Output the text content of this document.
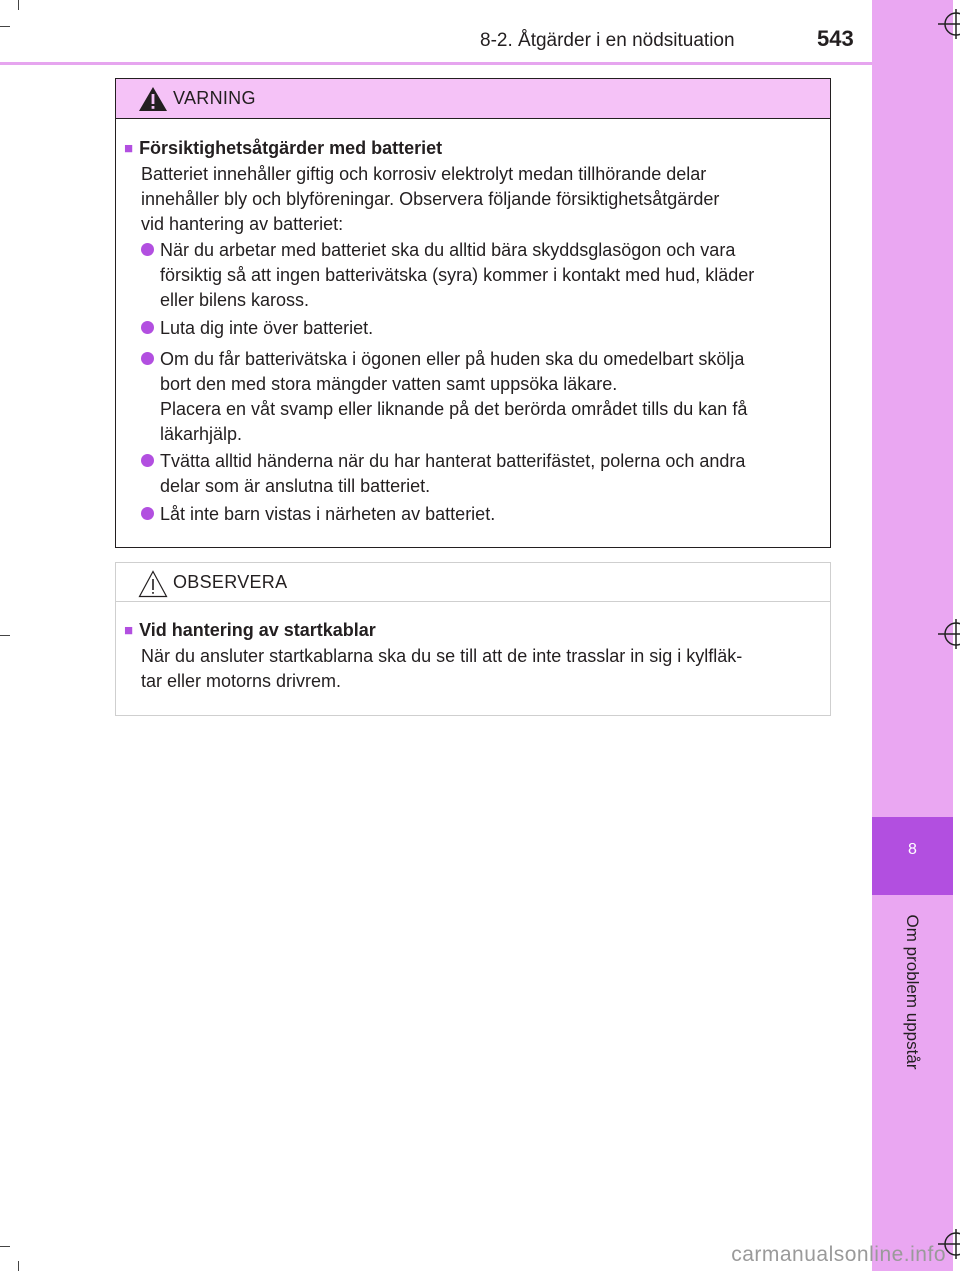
8-2. Åtgärder i en nödsituation	543
8
Om problem uppstår
VARNING
■ Försiktighetsåtgärder med batteriet
Batteriet innehåller giftig och korrosiv elektrolyt medan tillhörande delar
innehåller bly och blyföreningar. Observera följande försiktighetsåtgärder
vid hantering av batteriet:
När du arbetar med batteriet ska du alltid bära skyddsglasögon och vara
försiktig så att ingen batterivätska (syra) kommer i kontakt med hud, kläder
eller bilens kaross.
Luta dig inte över batteriet.
Om du får batterivätska i ögonen eller på huden ska du omedelbart skölja
bort den med stora mängder vatten samt uppsöka läkare.
Placera en våt svamp eller liknande på det berörda området tills du kan få
läkarhjälp.
Tvätta alltid händerna när du har hanterat batterifästet, polerna och andra
delar som är anslutna till batteriet.
Låt inte barn vistas i närheten av batteriet.
OBSERVERA
■ Vid hantering av startkablar
När du ansluter startkablarna ska du se till att de inte trasslar in sig i kylfläk-
tar eller motorns drivrem.
carmanualsonline.info
